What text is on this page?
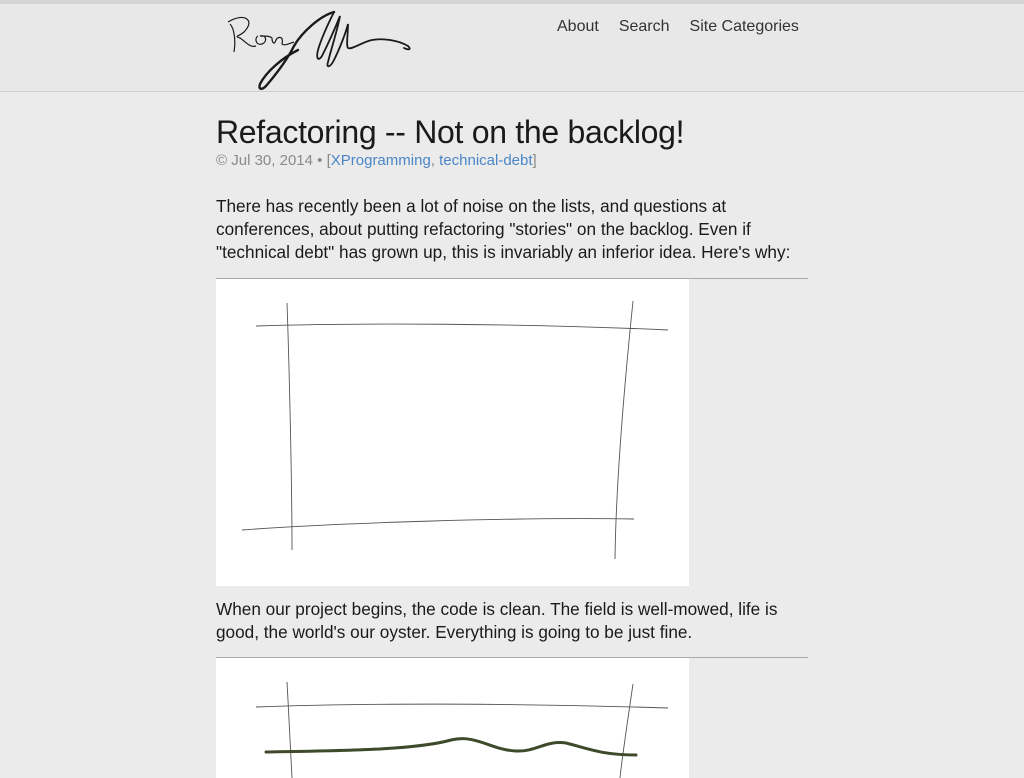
About Search Site Categories
Refactoring -- Not on the backlog!
© Jul 30, 2014 • [XProgramming, technical-debt]

There has recently been a lot of noise on the lists, and questions at conferences, about putting refactoring "stories" on the backlog. Even if "technical debt" has grown up, this is invariably an inferior idea. Here's why:

When our project begins, the code is clean. The field is well-mowed, life is good, the world's our oyster. Everything is going to be just fine.
